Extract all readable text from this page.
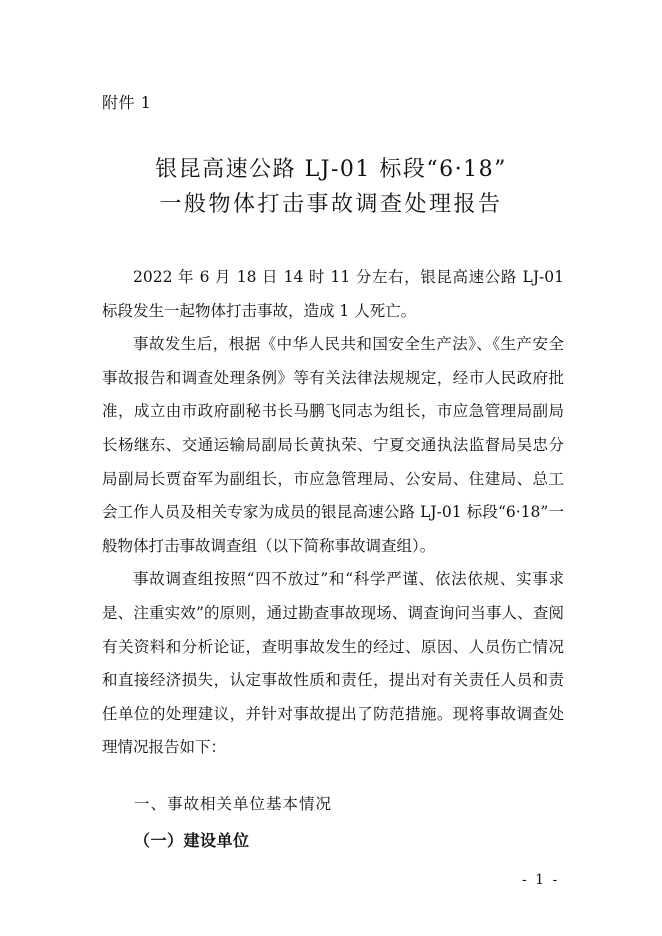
附件 1
银昆高速公路 LJ-01 标段“6·18”
一般物体打击事故调查处理报告

2022 年 6 月 18 日 14 时 11 分左右，银昆高速公路 LJ-01 标段发生一起物体打击事故，造成 1 人死亡。

事故发生后，根据《中华人民共和国安全生产法》、《生产安全事故报告和调查处理条例》等有关法律法规规定，经市人民政府批准，成立由市政府副秘书长马鹏飞同志为组长，市应急管理局副局长杨继东、交通运输局副局长黄执荣、宁夏交通执法监督局吴忠分局副局长贾奋军为副组长，市应急管理局、公安局、住建局、总工会工作人员及相关专家为成员的银昆高速公路 LJ-01 标段“6·18”一般物体打击事故调查组（以下简称事故调查组）。

事故调查组按照“四不放过”和“科学严谨、依法依规、实事求是、注重实效”的原则，通过勘查事故现场、调查询问当事人、查阅有关资料和分析论证，查明事故发生的经过、原因、人员伤亡情况和直接经济损失，认定事故性质和责任，提出对有关责任人员和责任单位的处理建议，并针对事故提出了防范措施。现将事故调查处理情况报告如下：

一、事故相关单位基本情况
（一）建设单位
- 1 -
